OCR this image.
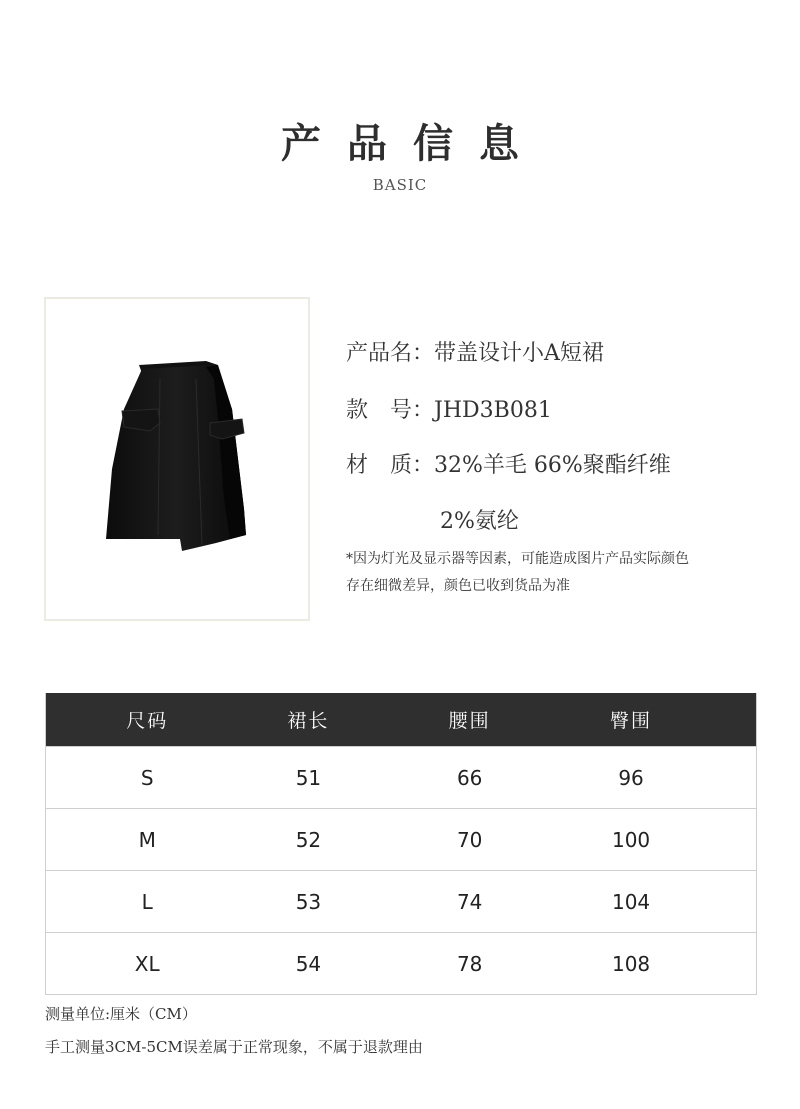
产品信息
BASIC
产品名：带盖设计小A短裙
款　号：JHD3B081
材　质：32%羊毛 66%聚酯纤维
2%氨纶
*因为灯光及显示器等因素，可能造成图片产品实际颜色
存在细微差异，颜色已收到货品为准
尺码	裙长	腰围	臀围	
S	51	66	96	
M	52	70	100	
L	53	74	104	
XL	54	78	108	
测量单位:厘米（CM）
手工测量3CM-5CM误差属于正常现象，不属于退款理由
